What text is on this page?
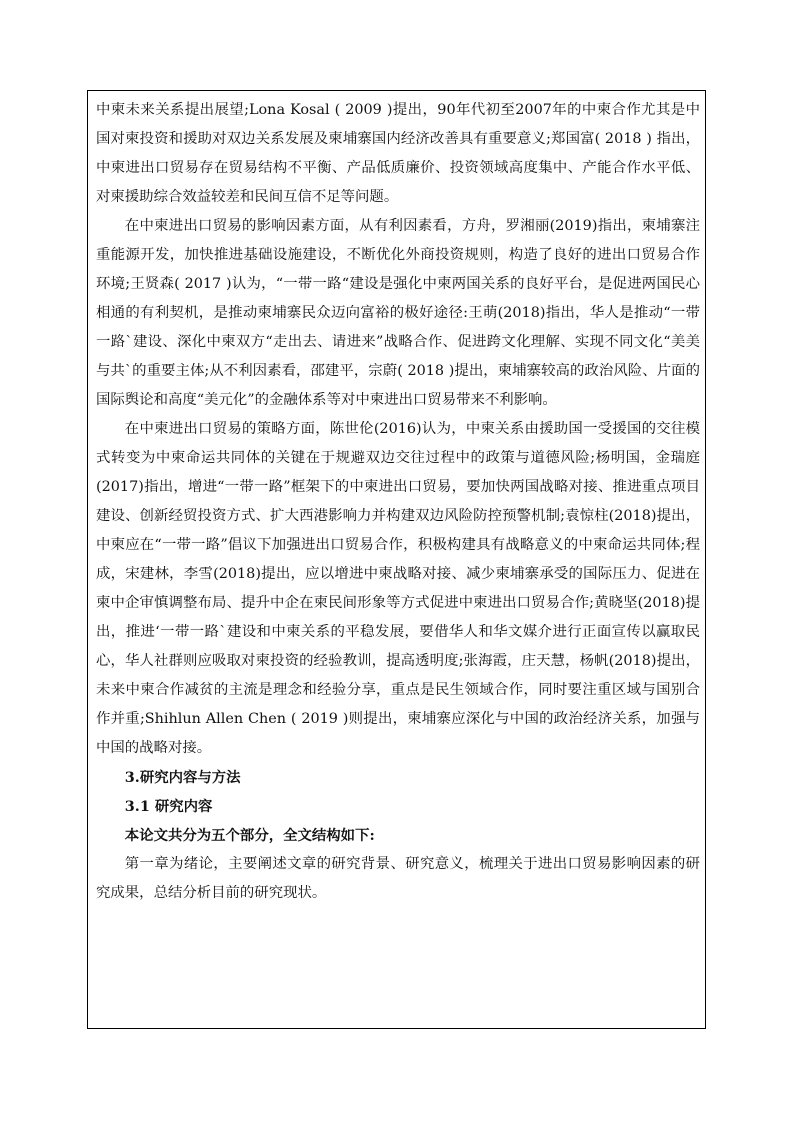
中柬未来关系提出展望;Lona Kosal ( 2009 )提出，90年代初至2007年的中柬合作尤其是中国对柬投资和援助对双边关系发展及柬埔寨国内经济改善具有重要意义;郑国富( 2018 ) 指出，中柬进出口贸易存在贸易结构不平衡、产品低质廉价、投资领域高度集中、产能合作水平低、对柬援助综合效益较差和民间互信不足等问题。

在中柬进出口贸易的影响因素方面，从有利因素看，方舟，罗湘丽(2019)指出，柬埔寨注重能源开发，加快推进基础设施建设，不断优化外商投资规则，构造了良好的进出口贸易合作环境;王贤森( 2017 )认为，“一带一路“建设是强化中柬两国关系的良好平台，是促进两国民心相通的有利契机，是推动柬埔寨民众迈向富裕的极好途径:王萌(2018)指出，华人是推动“一带一路`建设、深化中柬双方“走出去、请进来”战略合作、促进跨文化理解、实现不同文化“美美与共`的重要主体;从不利因素看，邵建平，宗蔚( 2018 )提出，柬埔寨较高的政治风险、片面的国际舆论和高度“美元化”的金融体系等对中柬进出口贸易带来不利影响。

在中柬进出口贸易的策略方面，陈世伦(2016)认为，中柬关系由援助国一受援国的交往模式转变为中柬命运共同体的关键在于规避双边交往过程中的政策与道德风险;杨明国，金瑞庭(2017)指出，增进“一带一路”框架下的中柬进出口贸易，要加快两国战略对接、推进重点项目建设、创新经贸投资方式、扩大西港影响力并构建双边风险防控预警机制;袁惊柱(2018)提出，中柬应在“一带一路”倡议下加强进出口贸易合作，积极构建具有战略意义的中柬命运共同体;程成，宋建林，李雪(2018)提出，应以增进中柬战略对接、减少柬埔寨承受的国际压力、促进在柬中企审慎调整布局、提升中企在柬民间形象等方式促进中柬进出口贸易合作;黄晓坚(2018)提出，推进‘一带一路`建设和中柬关系的平稳发展，要借华人和华文媒介进行正面宣传以赢取民心，华人社群则应吸取对柬投资的经验教训，提高透明度;张海霞，庄天慧，杨帆(2018)提出，未来中柬合作减贫的主流是理念和经验分享，重点是民生领域合作，同时要注重区域与国别合作并重;Shihlun Allen Chen ( 2019 )则提出，柬埔寨应深化与中国的政治经济关系，加强与中国的战略对接。

3.研究内容与方法

3.1 研究内容

本论文共分为五个部分，全文结构如下:

第一章为绪论，主要阐述文章的研究背景、研究意义，梳理关于进出口贸易影响因素的研究成果，总结分析目前的研究现状。
